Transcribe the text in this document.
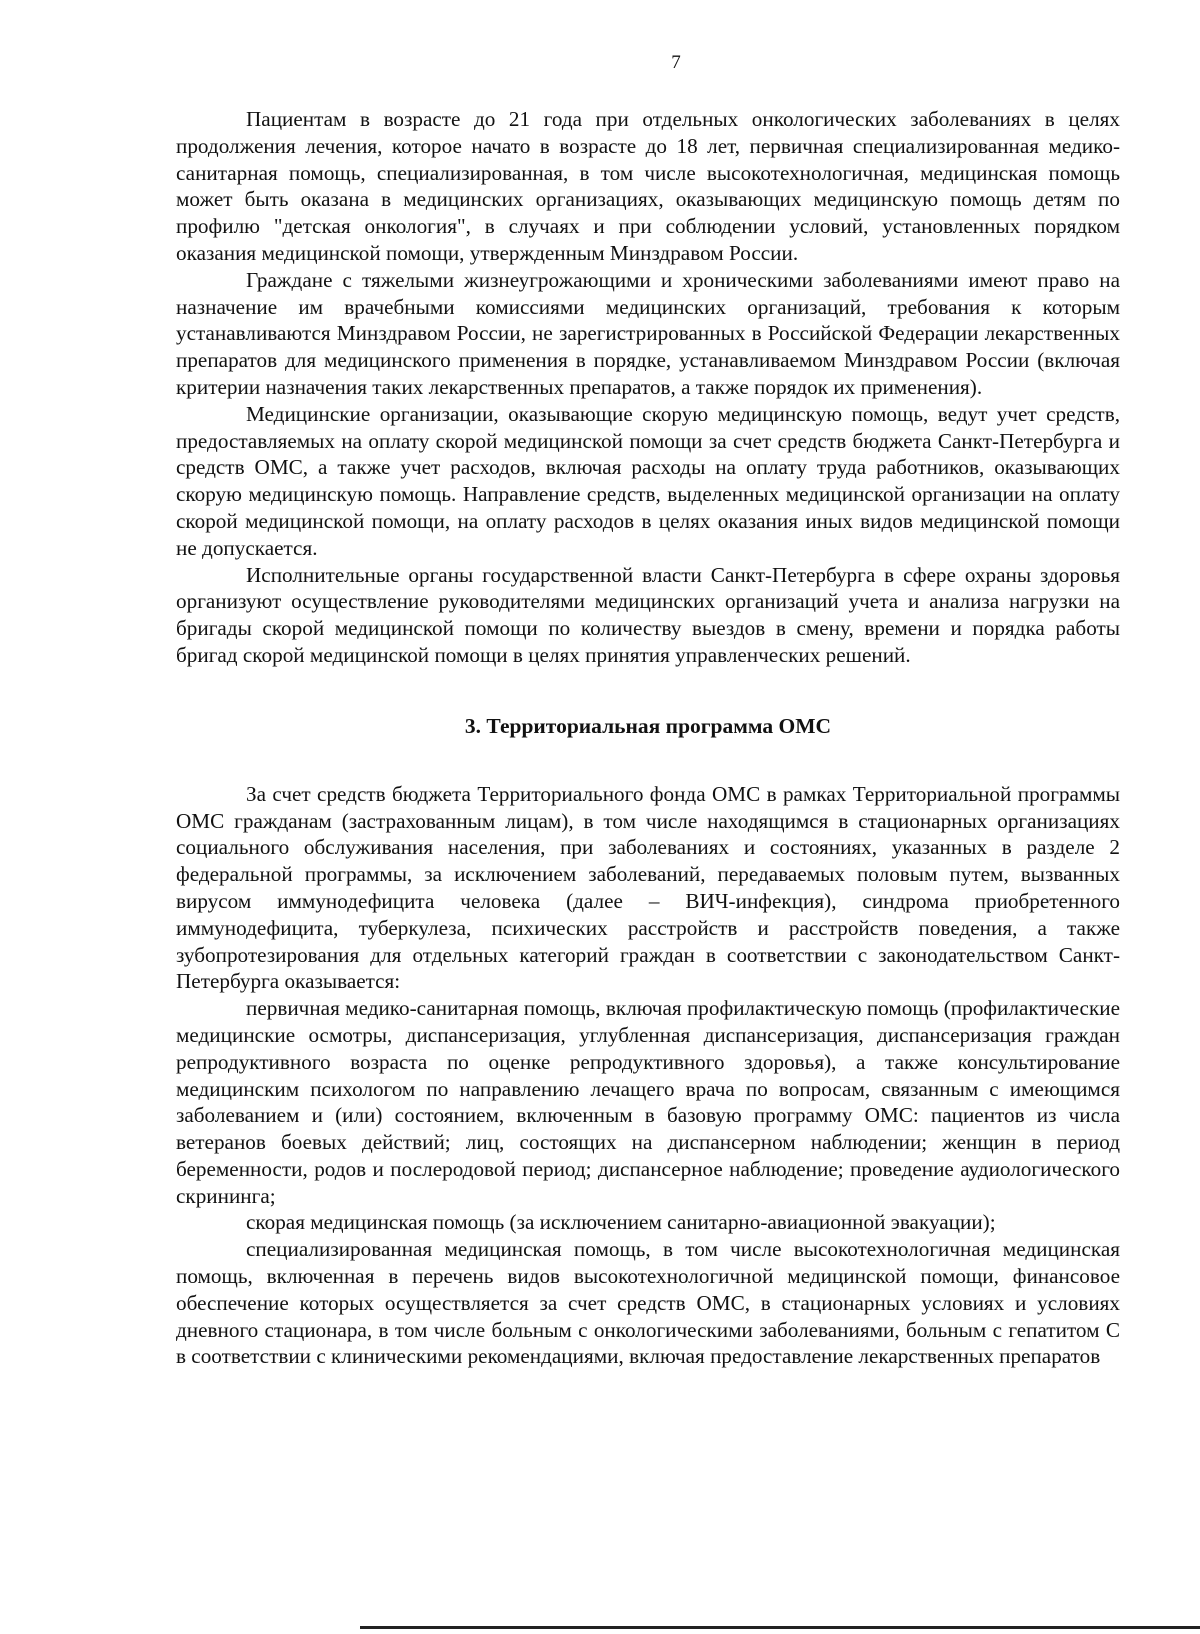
7

Пациентам в возрасте до 21 года при отдельных онкологических заболеваниях в целях продолжения лечения, которое начато в возрасте до 18 лет, первичная специализированная медико-санитарная помощь, специализированная, в том числе высокотехнологичная, медицинская помощь может быть оказана в медицинских организациях, оказывающих медицинскую помощь детям по профилю "детская онкология", в случаях и при соблюдении условий, установленных порядком оказания медицинской помощи, утвержденным Минздравом России.

Граждане с тяжелыми жизнеугрожающими и хроническими заболеваниями имеют право на назначение им врачебными комиссиями медицинских организаций, требования к которым устанавливаются Минздравом России, не зарегистрированных в Российской Федерации лекарственных препаратов для медицинского применения в порядке, устанавливаемом Минздравом России (включая критерии назначения таких лекарственных препаратов, а также порядок их применения).

Медицинские организации, оказывающие скорую медицинскую помощь, ведут учет средств, предоставляемых на оплату скорой медицинской помощи за счет средств бюджета Санкт-Петербурга и средств ОМС, а также учет расходов, включая расходы на оплату труда работников, оказывающих скорую медицинскую помощь. Направление средств, выделенных медицинской организации на оплату скорой медицинской помощи, на оплату расходов в целях оказания иных видов медицинской помощи не допускается.

Исполнительные органы государственной власти Санкт-Петербурга в сфере охраны здоровья организуют осуществление руководителями медицинских организаций учета и анализа нагрузки на бригады скорой медицинской помощи по количеству выездов в смену, времени и порядка работы бригад скорой медицинской помощи в целях принятия управленческих решений.

3. Территориальная программа ОМС

За счет средств бюджета Территориального фонда ОМС в рамках Территориальной программы ОМС гражданам (застрахованным лицам), в том числе находящимся в стационарных организациях социального обслуживания населения, при заболеваниях и состояниях, указанных в разделе 2 федеральной программы, за исключением заболеваний, передаваемых половым путем, вызванных вирусом иммунодефицита человека (далее – ВИЧ-инфекция), синдрома приобретенного иммунодефицита, туберкулеза, психических расстройств и расстройств поведения, а также зубопротезирования для отдельных категорий граждан в соответствии с законодательством Санкт-Петербурга оказывается:

первичная медико-санитарная помощь, включая профилактическую помощь (профилактические медицинские осмотры, диспансеризация, углубленная диспансеризация, диспансеризация граждан репродуктивного возраста по оценке репродуктивного здоровья), а также консультирование медицинским психологом по направлению лечащего врача по вопросам, связанным с имеющимся заболеванием и (или) состоянием, включенным в базовую программу ОМС: пациентов из числа ветеранов боевых действий; лиц, состоящих на диспансерном наблюдении; женщин в период беременности, родов и послеродовой период; диспансерное наблюдение; проведение аудиологического скрининга;

скорая медицинская помощь (за исключением санитарно-авиационной эвакуации);

специализированная медицинская помощь, в том числе высокотехнологичная медицинская помощь, включенная в перечень видов высокотехнологичной медицинской помощи, финансовое обеспечение которых осуществляется за счет средств ОМС, в стационарных условиях и условиях дневного стационара, в том числе больным с онкологическими заболеваниями, больным с гепатитом С в соответствии с клиническими рекомендациями, включая предоставление лекарственных препаратов
